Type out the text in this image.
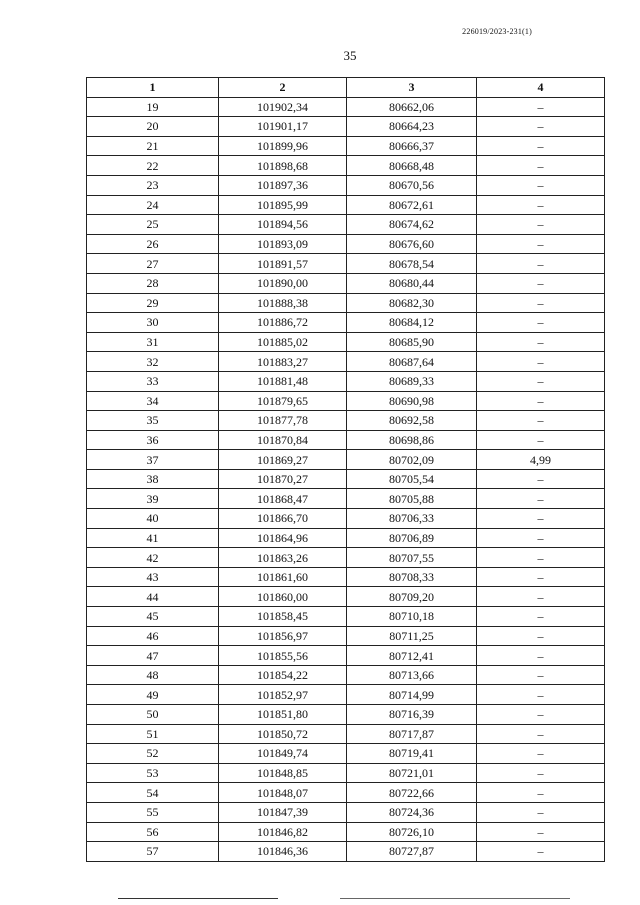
226019/2023-231(1)
35
1	2	3	4
19	101902,34	80662,06	–
20	101901,17	80664,23	–
21	101899,96	80666,37	–
22	101898,68	80668,48	–
23	101897,36	80670,56	–
24	101895,99	80672,61	–
25	101894,56	80674,62	–
26	101893,09	80676,60	–
27	101891,57	80678,54	–
28	101890,00	80680,44	–
29	101888,38	80682,30	–
30	101886,72	80684,12	–
31	101885,02	80685,90	–
32	101883,27	80687,64	–
33	101881,48	80689,33	–
34	101879,65	80690,98	–
35	101877,78	80692,58	–
36	101870,84	80698,86	–
37	101869,27	80702,09	4,99
38	101870,27	80705,54	–
39	101868,47	80705,88	–
40	101866,70	80706,33	–
41	101864,96	80706,89	–
42	101863,26	80707,55	–
43	101861,60	80708,33	–
44	101860,00	80709,20	–
45	101858,45	80710,18	–
46	101856,97	80711,25	–
47	101855,56	80712,41	–
48	101854,22	80713,66	–
49	101852,97	80714,99	–
50	101851,80	80716,39	–
51	101850,72	80717,87	–
52	101849,74	80719,41	–
53	101848,85	80721,01	–
54	101848,07	80722,66	–
55	101847,39	80724,36	–
56	101846,82	80726,10	–
57	101846,36	80727,87	–
